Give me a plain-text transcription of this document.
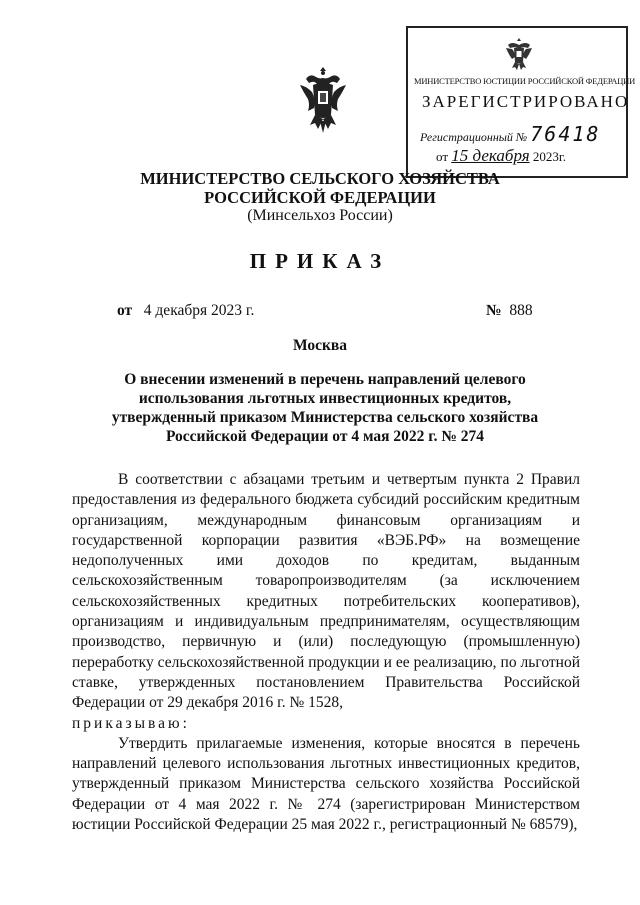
МИНИСТЕРСТВО ЮСТИЦИИ РОССИЙСКОЙ ФЕДЕРАЦИИ
ЗАРЕГИСТРИРОВАНО
Регистрационный № 76418
от 15 декабря 2023г.
МИНИСТЕРСТВО СЕЛЬСКОГО ХОЗЯЙСТВА
РОССИЙСКОЙ ФЕДЕРАЦИИ
(Минсельхоз России)
ПРИКАЗ
от 4 декабря 2023 г.	№ 888
Москва
О внесении изменений в перечень направлений целевого использования льготных инвестиционных кредитов, утвержденный приказом Министерства сельского хозяйства Российской Федерации от 4 мая 2022 г. № 274

В соответствии с абзацами третьим и четвертым пункта 2 Правил предоставления из федерального бюджета субсидий российским кредитным организациям, международным финансовым организациям и государственной корпорации развития «ВЭБ.РФ» на возмещение недополученных ими доходов по кредитам, выданным сельскохозяйственным товаропроизводителям (за исключением сельскохозяйственных кредитных потребительских кооперативов), организациям и индивидуальным предпринимателям, осуществляющим производство, первичную и (или) последующую (промышленную) переработку сельскохозяйственной продукции и ее реализацию, по льготной ставке, утвержденных постановлением Правительства Российской Федерации от 29 декабря 2016 г. № 1528,

приказываю:

Утвердить прилагаемые изменения, которые вносятся в перечень направлений целевого использования льготных инвестиционных кредитов, утвержденный приказом Министерства сельского хозяйства Российской Федерации от 4 мая 2022 г. № 274 (зарегистрирован Министерством юстиции Российской Федерации 25 мая 2022 г., регистрационный № 68579),
